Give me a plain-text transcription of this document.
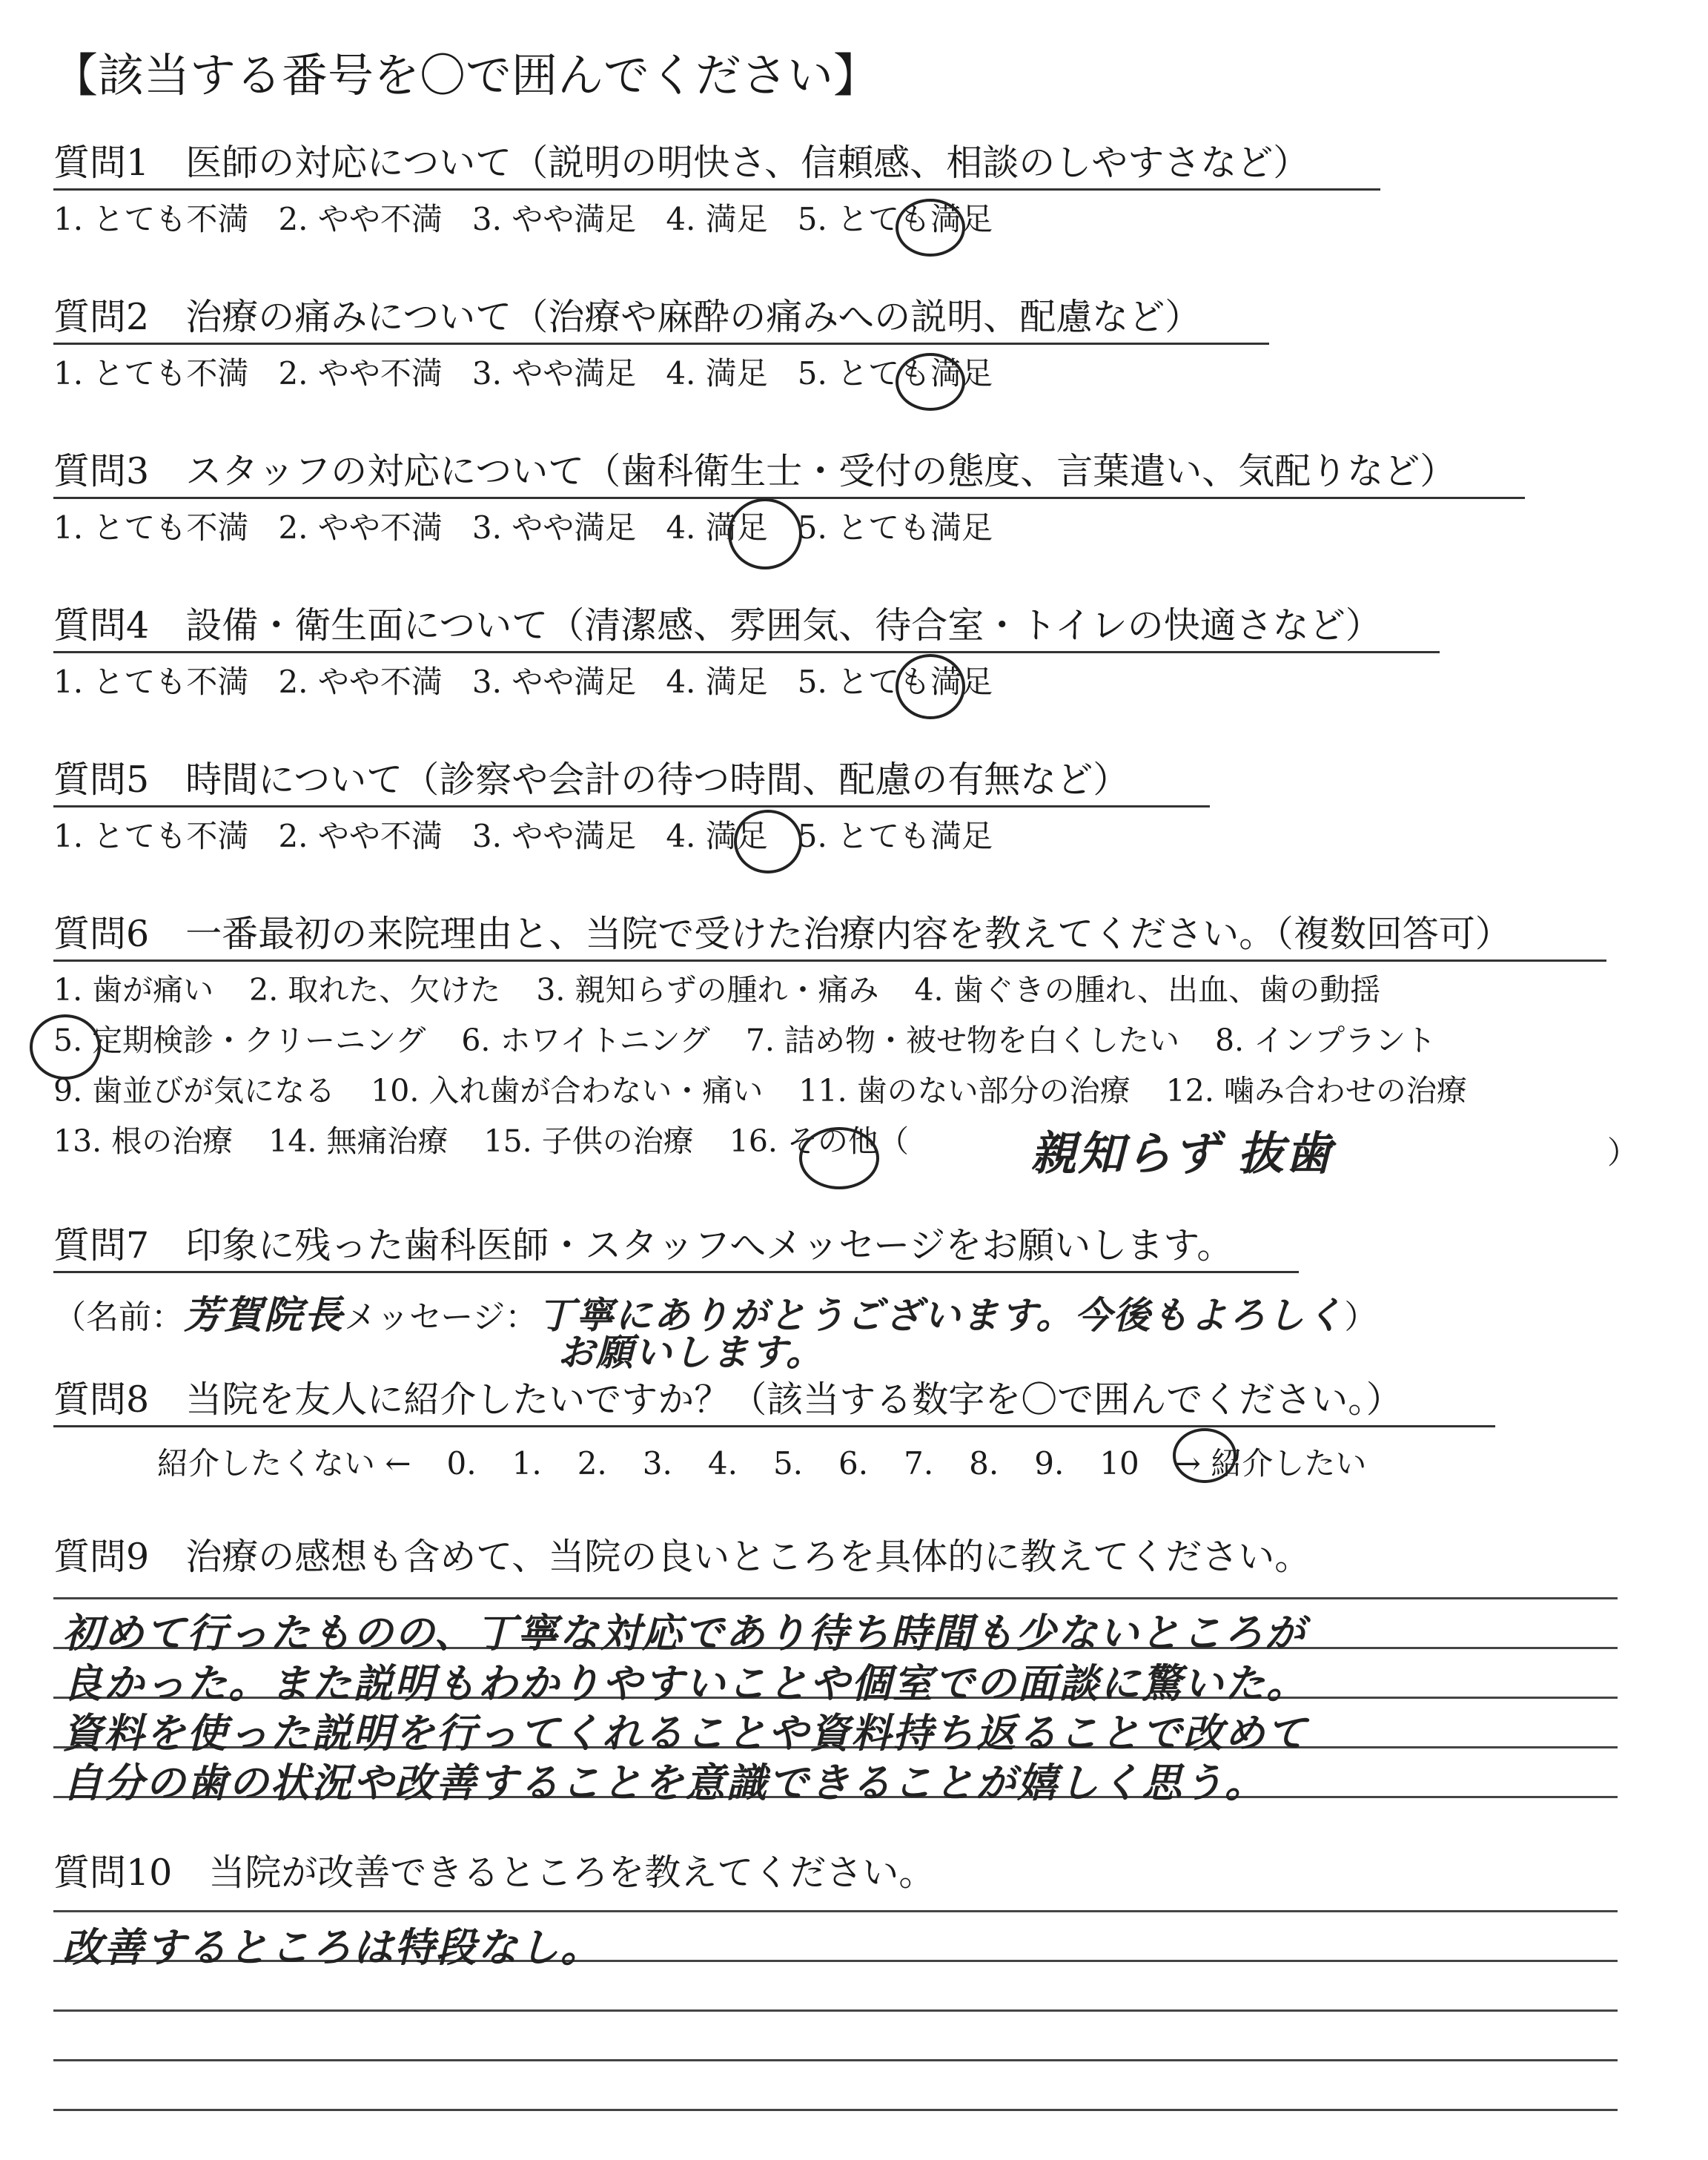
【該当する番号を〇で囲んでください】
質問1　 医師の対応について（説明の明快さ、信頼感、相談のしやすさなど）
1. とても不満 2. やや不満 3. やや満足 4. 満足 5. とても満足
質問2　 治療の痛みについて（治療や麻酔の痛みへの説明、配慮など）
1. とても不満 2. やや不満 3. やや満足 4. 満足 5. とても満足
質問3　 スタッフの対応について（歯科衛生士・受付の態度、言葉遣い、気配りなど）
1. とても不満 2. やや不満 3. やや満足 4. 満足 5. とても満足
質問4　 設備・衛生面について（清潔感、雰囲気、待合室・トイレの快適さなど）
1. とても不満 2. やや不満 3. やや満足 4. 満足 5. とても満足
質問5　 時間について（診察や会計の待つ時間、配慮の有無など）
1. とても不満 2. やや不満 3. やや満足 4. 満足 5. とても満足
質問6　 一番最初の来院理由と、当院で受けた治療内容を教えてください。（複数回答可）
1. 歯が痛い 2. 取れた、欠けた 3. 親知らずの腫れ・痛み 4. 歯ぐきの腫れ、出血、歯の動揺
5. 定期検診・クリーニング 6. ホワイトニング 7. 詰め物・被せ物を白くしたい 8. インプラント
9. 歯並びが気になる 10. 入れ歯が合わない・痛い 11. 歯のない部分の治療 12. 噛み合わせの治療
13. 根の治療 14. 無痛治療 15. 子供の治療 16. その他（	親知らず 抜歯	）
質問7　 印象に残った歯科医師・スタッフへメッセージをお願いします。
（名前：芳賀院長メッセージ：丁寧にありがとうございます。今後もよろしく）
お願いします。
質問8　 当院を友人に紹介したいですか？（該当する数字を〇で囲んでください。）
紹介したくない ← 0. 1. 2. 3. 4. 5. 6. 7. 8. 9. 10 → 紹介したい
質問9　 治療の感想も含めて、当院の良いところを具体的に教えてください。
初めて行ったものの、丁寧な対応であり待ち時間も少ないところが
良かった。また説明もわかりやすいことや個室での面談に驚いた。
資料を使った説明を行ってくれることや資料持ち返ることで改めて
自分の歯の状況や改善することを意識できることが嬉しく思う。
質問10　 当院が改善できるところを教えてください。
改善するところは特段なし。
